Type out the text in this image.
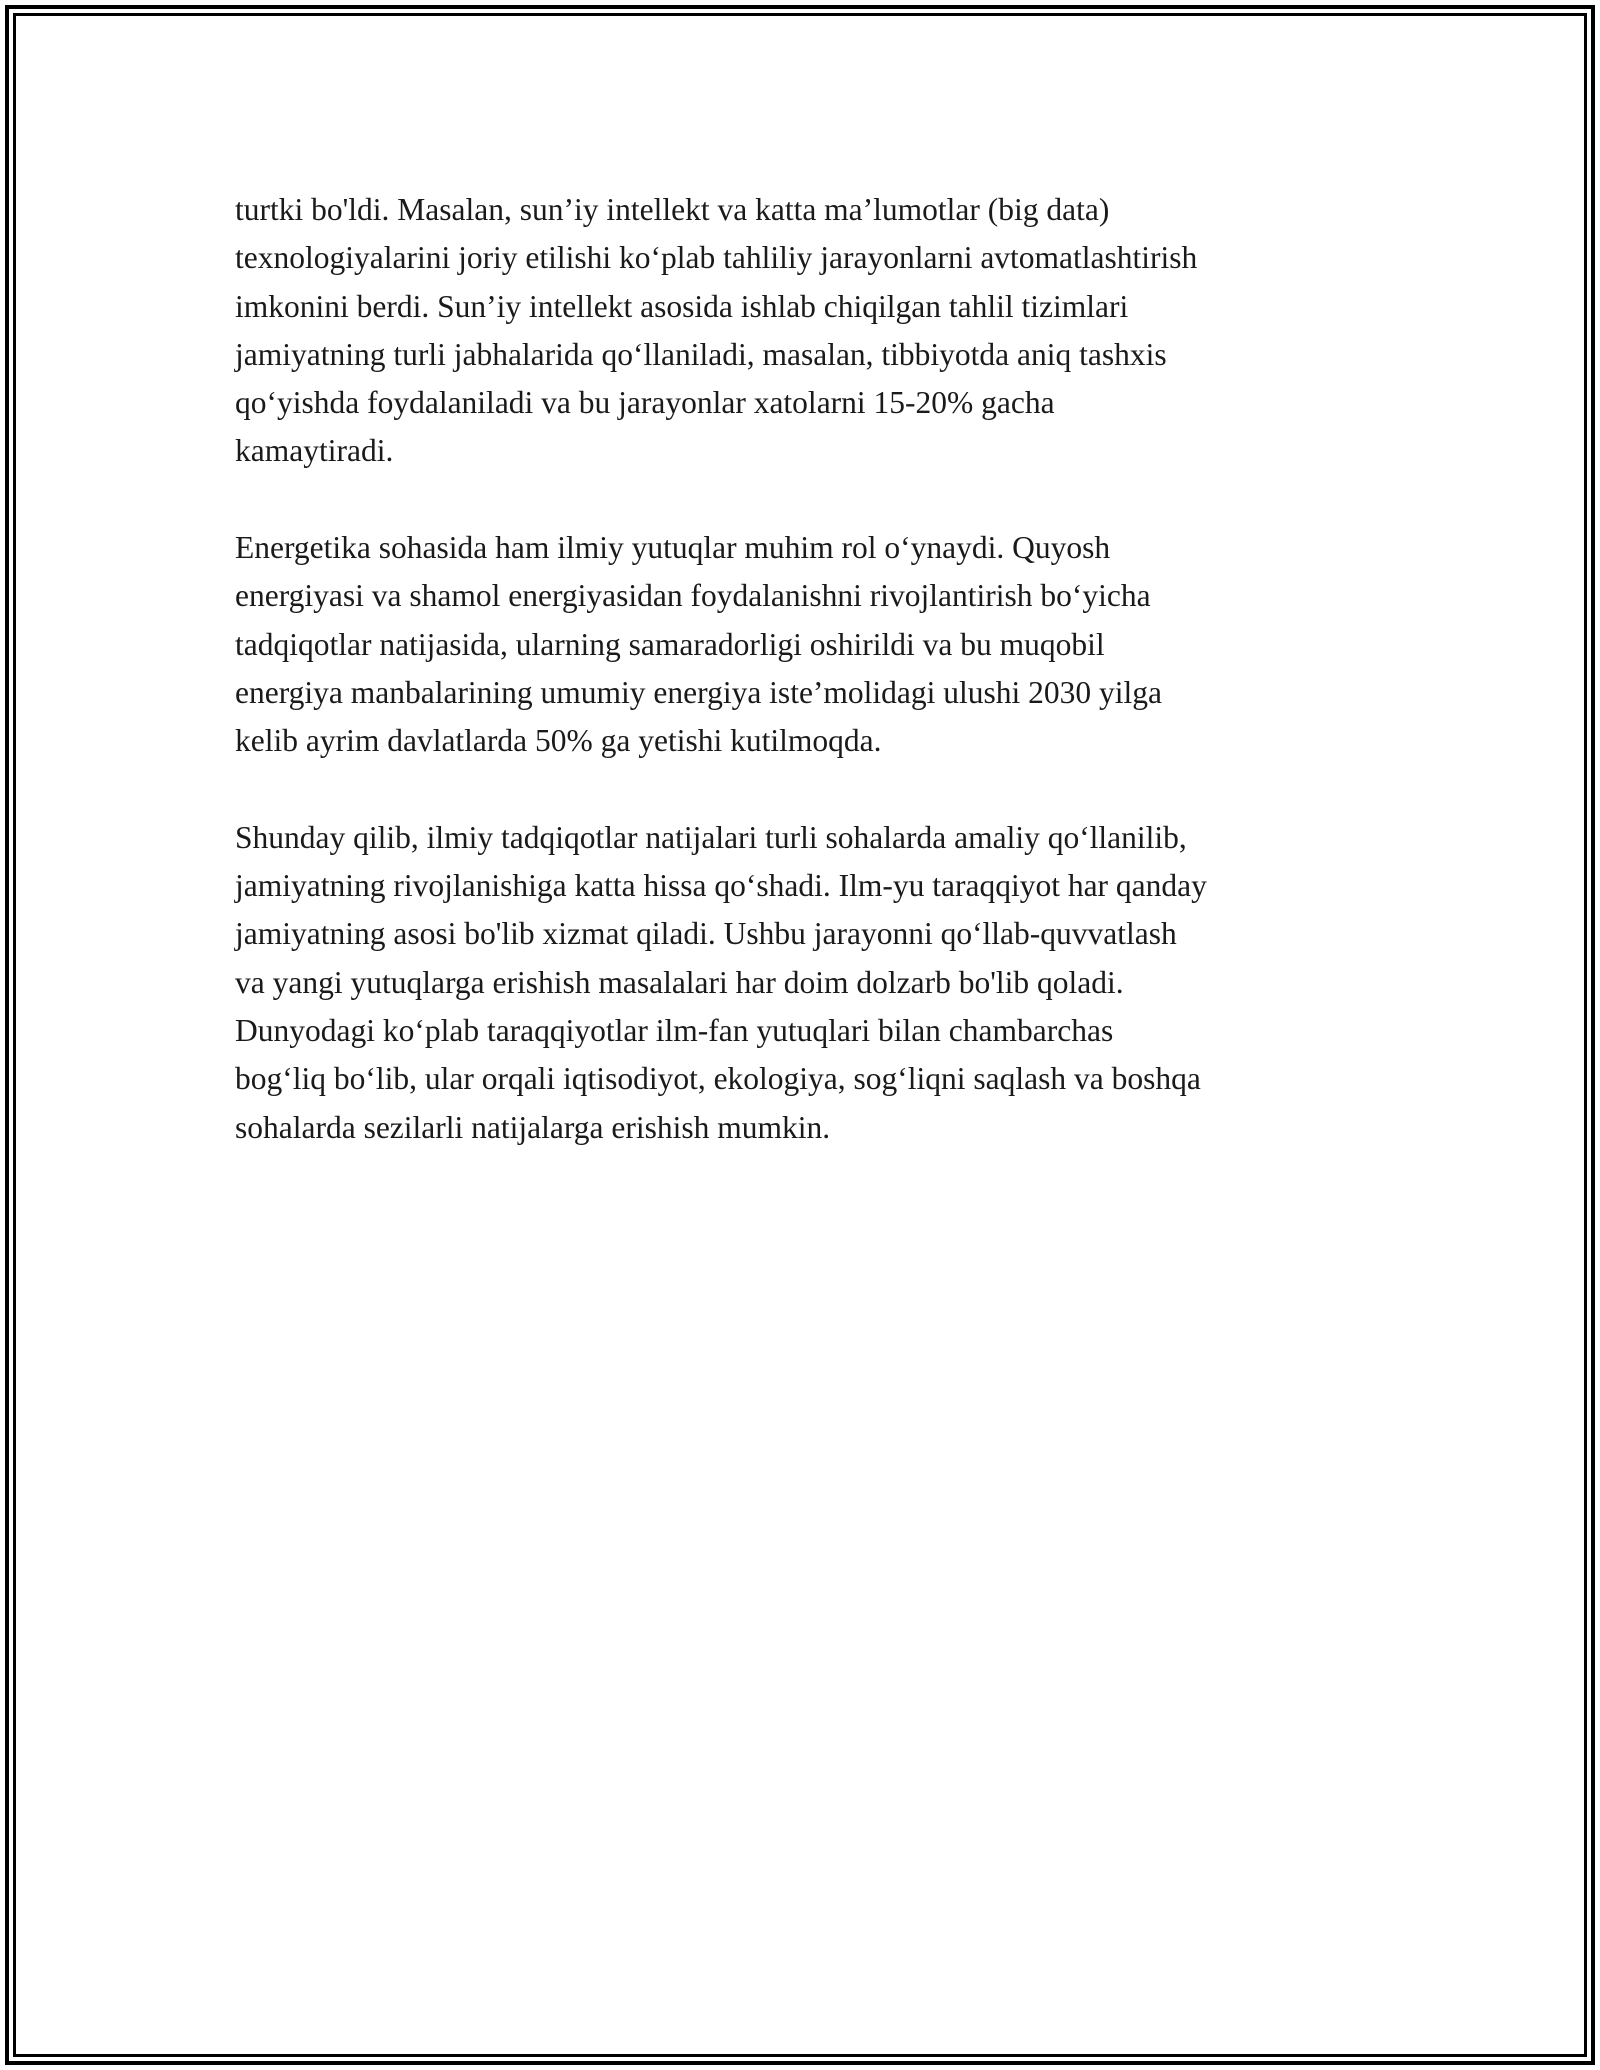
turtki bo'ldi. Masalan, sun’iy intellekt va katta ma’lumotlar (big data)
texnologiyalarini joriy etilishi ko‘plab tahliliy jarayonlarni avtomatlashtirish
imkonini berdi. Sun’iy intellekt asosida ishlab chiqilgan tahlil tizimlari
jamiyatning turli jabhalarida qo‘llaniladi, masalan, tibbiyotda aniq tashxis
qo‘yishda foydalaniladi va bu jarayonlar xatolarni 15-20% gacha
kamaytiradi.

Energetika sohasida ham ilmiy yutuqlar muhim rol o‘ynaydi. Quyosh
energiyasi va shamol energiyasidan foydalanishni rivojlantirish bo‘yicha
tadqiqotlar natijasida, ularning samaradorligi oshirildi va bu muqobil
energiya manbalarining umumiy energiya iste’molidagi ulushi 2030 yilga
kelib ayrim davlatlarda 50% ga yetishi kutilmoqda.

Shunday qilib, ilmiy tadqiqotlar natijalari turli sohalarda amaliy qo‘llanilib,
jamiyatning rivojlanishiga katta hissa qo‘shadi. Ilm-yu taraqqiyot har qanday
jamiyatning asosi bo'lib xizmat qiladi. Ushbu jarayonni qo‘llab-quvvatlash
va yangi yutuqlarga erishish masalalari har doim dolzarb bo'lib qoladi.
Dunyodagi ko‘plab taraqqiyotlar ilm-fan yutuqlari bilan chambarchas
bog‘liq bo‘lib, ular orqali iqtisodiyot, ekologiya, sog‘liqni saqlash va boshqa
sohalarda sezilarli natijalarga erishish mumkin.
